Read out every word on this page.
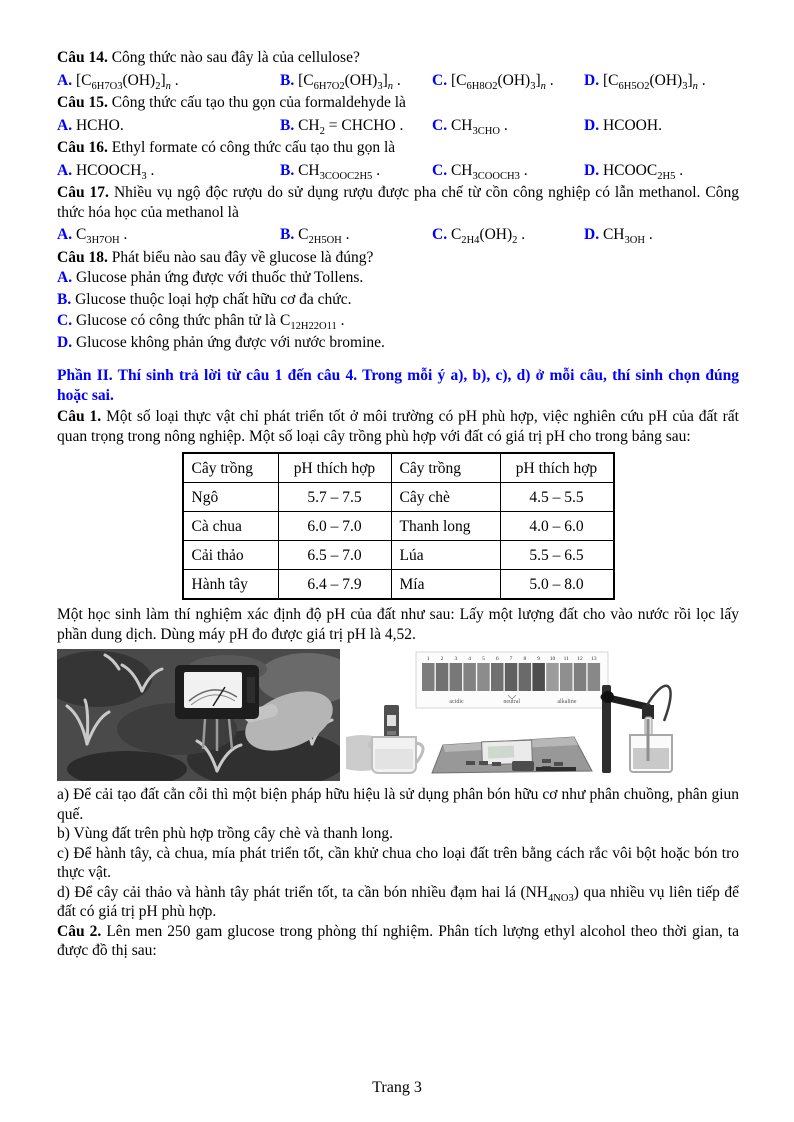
Câu 14. Công thức nào sau đây là của cellulose?

A. $[C_{6H7O3}(OH)_2]_n$ .	B. $[C_{6H7O2}(OH)_3]_n$ .	C. $[C_{6H8O2}(OH)_3]_n$ .	D. $[C_{6H5O2}(OH)_3]_n$ .

Câu 15. Công thức cấu tạo thu gọn của formaldehyde là

A. HCHO.	B. $CH_2$ = CHCHO .	C. $CH_{3CHO}$ .	D. HCOOH.

Câu 16. Ethyl formate có công thức cấu tạo thu gọn là

A. $HCOOCH_3$ .	B. $CH_{3COOC2H5}$ .	C. $CH_{3COOCH3}$ .	D. $HCOOC_{2H5}$ .

Câu 17. Nhiều vụ ngộ độc rượu do sử dụng rượu được pha chế từ cồn công nghiệp có lẫn methanol. Công thức hóa học của methanol là

A. $C_{3H7OH}$ .	B. $C_{2H5OH}$ .	C. $C_{2H4}(OH)_2$ .	D. $CH_{3OH}$ .

Câu 18. Phát biểu nào sau đây về glucose là đúng?

A. Glucose phản ứng được với thuốc thử Tollens.
B. Glucose thuộc loại hợp chất hữu cơ đa chức.
C. Glucose có công thức phân tử là $C_{12H22O11}$ .
D. Glucose không phản ứng được với nước bromine.

Phần II. Thí sinh trả lời từ câu 1 đến câu 4. Trong mỗi ý a), b), c), d) ở mỗi câu, thí sinh chọn đúng hoặc sai.

Câu 1. Một số loại thực vật chỉ phát triển tốt ở môi trường có pH phù hợp, việc nghiên cứu pH của đất rất quan trọng trong nông nghiệp. Một số loại cây trồng phù hợp với đất có giá trị pH cho trong bảng sau:

Cây trồng	pH thích hợp	Cây trồng	pH thích hợp
Ngô	5.7 – 7.5	Cây chè	4.5 – 5.5
Cà chua	6.0 – 7.0	Thanh long	4.0 – 6.0
Cải thảo	6.5 – 7.0	Lúa	5.5 – 6.5
Hành tây	6.4 – 7.9	Mía	5.0 – 8.0

Một học sinh làm thí nghiệm xác định độ pH của đất như sau: Lấy một lượng đất cho vào nước rồi lọc lấy phần dung dịch. Dùng máy pH đo được giá trị pH là 4,52.

1 2 3 4 5 6 7 8 9 10 11 12 13
acidic	neutral	alkaline

a) Để cải tạo đất cằn cỗi thì một biện pháp hữu hiệu là sử dụng phân bón hữu cơ như phân chuồng, phân giun quế.

b) Vùng đất trên phù hợp trồng cây chè và thanh long.

c) Để hành tây, cà chua, mía phát triển tốt, cần khử chua cho loại đất trên bằng cách rắc vôi bột hoặc bón tro thực vật.

d) Để cây cải thảo và hành tây phát triển tốt, ta cần bón nhiều đạm hai lá $(NH_{4NO3})$ qua nhiều vụ liên tiếp để đất có giá trị pH phù hợp.

Câu 2. Lên men 250 gam glucose trong phòng thí nghiệm. Phân tích lượng ethyl alcohol theo thời gian, ta được đồ thị sau:

Trang 3
